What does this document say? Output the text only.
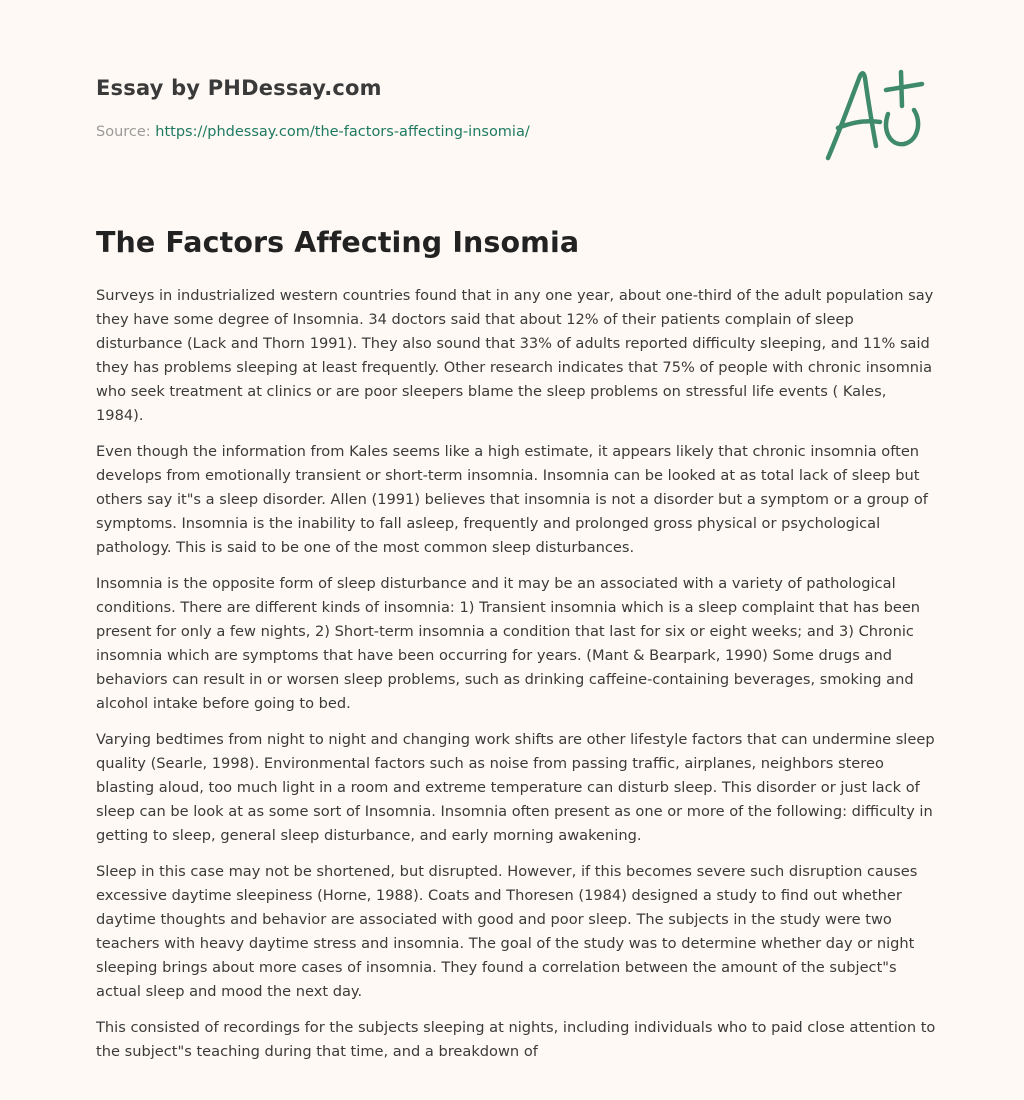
Essay by PHDessay.com
Source: https://phdessay.com/the-factors-affecting-insomia/
The Factors Affecting Insomia

Surveys in industrialized western countries found that in any one year, about one-third of the adult population say they have some degree of Insomnia. 34 doctors said that about 12% of their patients complain of sleep disturbance (Lack and Thorn 1991). They also sound that 33% of adults reported difficulty sleeping, and 11% said they has problems sleeping at least frequently. Other research indicates that 75% of people with chronic insomnia who seek treatment at clinics or are poor sleepers blame the sleep problems on stressful life events ( Kales, 1984).

Even though the information from Kales seems like a high estimate, it appears likely that chronic insomnia often develops from emotionally transient or short-term insomnia. Insomnia can be looked at as total lack of sleep but others say it"s a sleep disorder. Allen (1991) believes that insomnia is not a disorder but a symptom or a group of symptoms. Insomnia is the inability to fall asleep, frequently and prolonged gross physical or psychological pathology. This is said to be one of the most common sleep disturbances.

Insomnia is the opposite form of sleep disturbance and it may be an associated with a variety of pathological conditions. There are different kinds of insomnia: 1) Transient insomnia which is a sleep complaint that has been present for only a few nights, 2) Short-term insomnia a condition that last for six or eight weeks; and 3) Chronic insomnia which are symptoms that have been occurring for years. (Mant & Bearpark, 1990) Some drugs and behaviors can result in or worsen sleep problems, such as drinking caffeine-containing beverages, smoking and alcohol intake before going to bed.

Varying bedtimes from night to night and changing work shifts are other lifestyle factors that can undermine sleep quality (Searle, 1998). Environmental factors such as noise from passing traffic, airplanes, neighbors stereo blasting aloud, too much light in a room and extreme temperature can disturb sleep. This disorder or just lack of sleep can be look at as some sort of Insomnia. Insomnia often present as one or more of the following: difficulty in getting to sleep, general sleep disturbance, and early morning awakening.

Sleep in this case may not be shortened, but disrupted. However, if this becomes severe such disruption causes excessive daytime sleepiness (Horne, 1988). Coats and Thoresen (1984) designed a study to find out whether daytime thoughts and behavior are associated with good and poor sleep. The subjects in the study were two teachers with heavy daytime stress and insomnia. The goal of the study was to determine whether day or night sleeping brings about more cases of insomnia. They found a correlation between the amount of the subject"s actual sleep and mood the next day.

This consisted of recordings for the subjects sleeping at nights, including individuals who to paid close attention to the subject"s teaching during that time, and a breakdown of
